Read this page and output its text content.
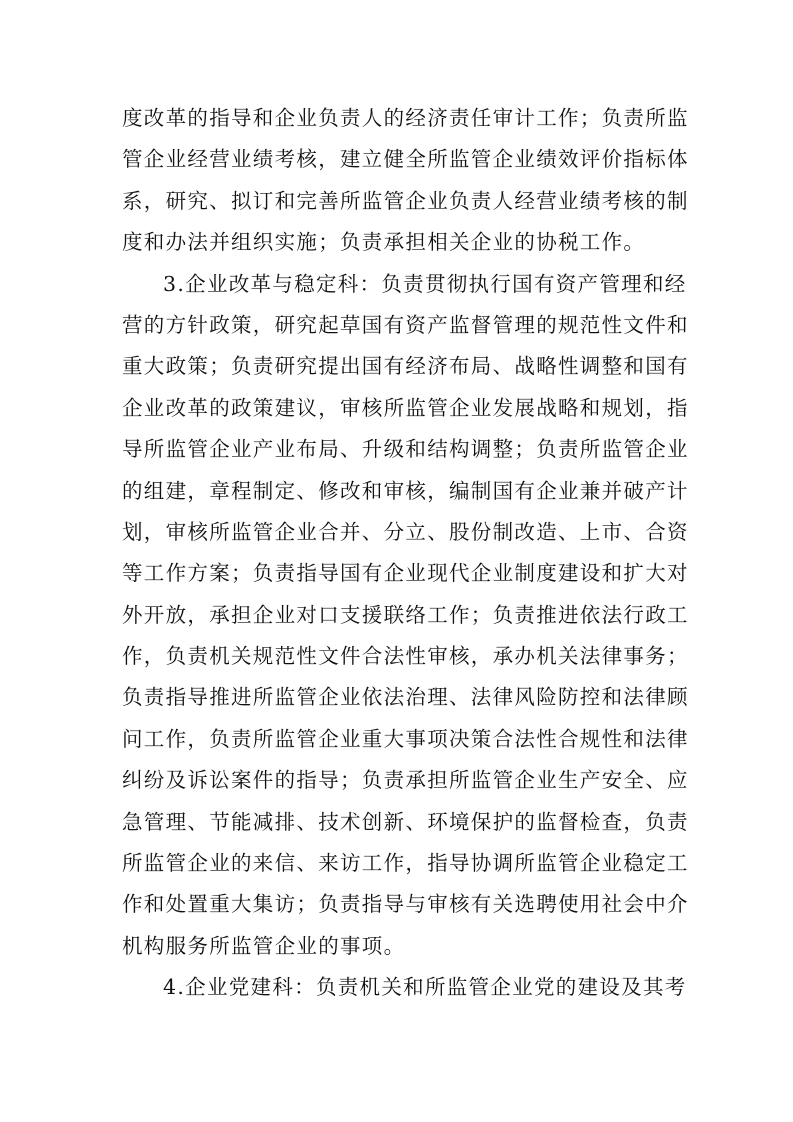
度改革的指导和企业负责人的经济责任审计工作；负责所监
管企业经营业绩考核，建立健全所监管企业绩效评价指标体
系，研究、拟订和完善所监管企业负责人经营业绩考核的制
度和办法并组织实施；负责承担相关企业的协税工作。
3.企业改革与稳定科：负责贯彻执行国有资产管理和经
营的方针政策，研究起草国有资产监督管理的规范性文件和
重大政策；负责研究提出国有经济布局、战略性调整和国有
企业改革的政策建议，审核所监管企业发展战略和规划，指
导所监管企业产业布局、升级和结构调整；负责所监管企业
的组建，章程制定、修改和审核，编制国有企业兼并破产计
划，审核所监管企业合并、分立、股份制改造、上市、合资
等工作方案；负责指导国有企业现代企业制度建设和扩大对
外开放，承担企业对口支援联络工作；负责推进依法行政工
作，负责机关规范性文件合法性审核，承办机关法律事务；
负责指导推进所监管企业依法治理、法律风险防控和法律顾
问工作，负责所监管企业重大事项决策合法性合规性和法律
纠纷及诉讼案件的指导；负责承担所监管企业生产安全、应
急管理、节能减排、技术创新、环境保护的监督检查，负责
所监管企业的来信、来访工作，指导协调所监管企业稳定工
作和处置重大集访；负责指导与审核有关选聘使用社会中介
机构服务所监管企业的事项。
4.企业党建科：负责机关和所监管企业党的建设及其考
